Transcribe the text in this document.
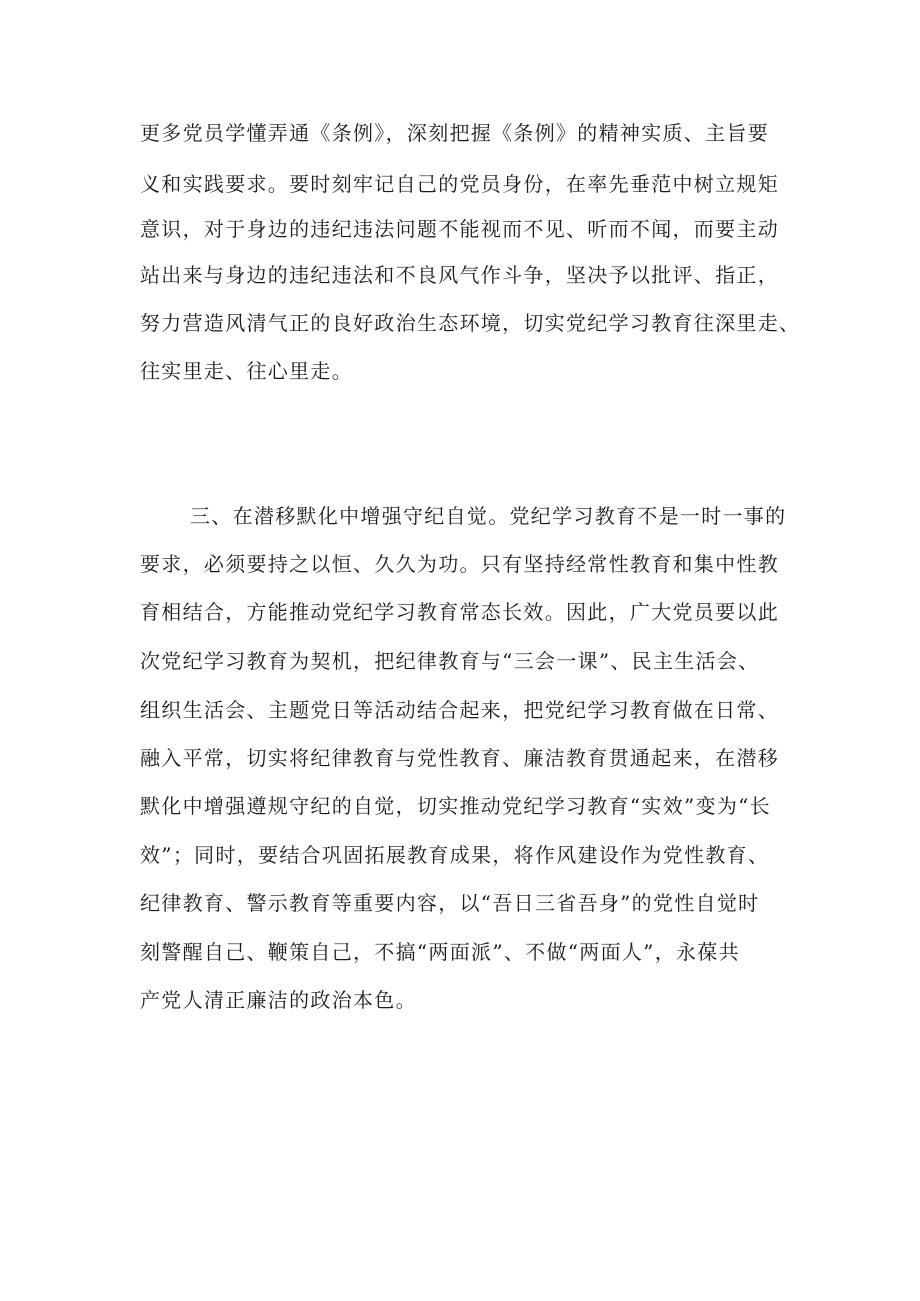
更多党员学懂弄通《条例》，深刻把握《条例》的精神实质、主旨要
义和实践要求。要时刻牢记自己的党员身份，在率先垂范中树立规矩
意识，对于身边的违纪违法问题不能视而不见、听而不闻，而要主动
站出来与身边的违纪违法和不良风气作斗争，坚决予以批评、指正，
努力营造风清气正的良好政治生态环境，切实党纪学习教育往深里走、
往实里走、往心里走。
三、在潜移默化中增强守纪自觉。党纪学习教育不是一时一事的
要求，必须要持之以恒、久久为功。只有坚持经常性教育和集中性教
育相结合，方能推动党纪学习教育常态长效。因此，广大党员要以此
次党纪学习教育为契机，把纪律教育与“三会一课”、民主生活会、
组织生活会、主题党日等活动结合起来，把党纪学习教育做在日常、
融入平常，切实将纪律教育与党性教育、廉洁教育贯通起来，在潜移
默化中增强遵规守纪的自觉，切实推动党纪学习教育“实效”变为“长
效”；同时，要结合巩固拓展教育成果，将作风建设作为党性教育、
纪律教育、警示教育等重要内容，以“吾日三省吾身”的党性自觉时
刻警醒自己、鞭策自己，不搞“两面派”、不做“两面人”，永葆共
产党人清正廉洁的政治本色。
